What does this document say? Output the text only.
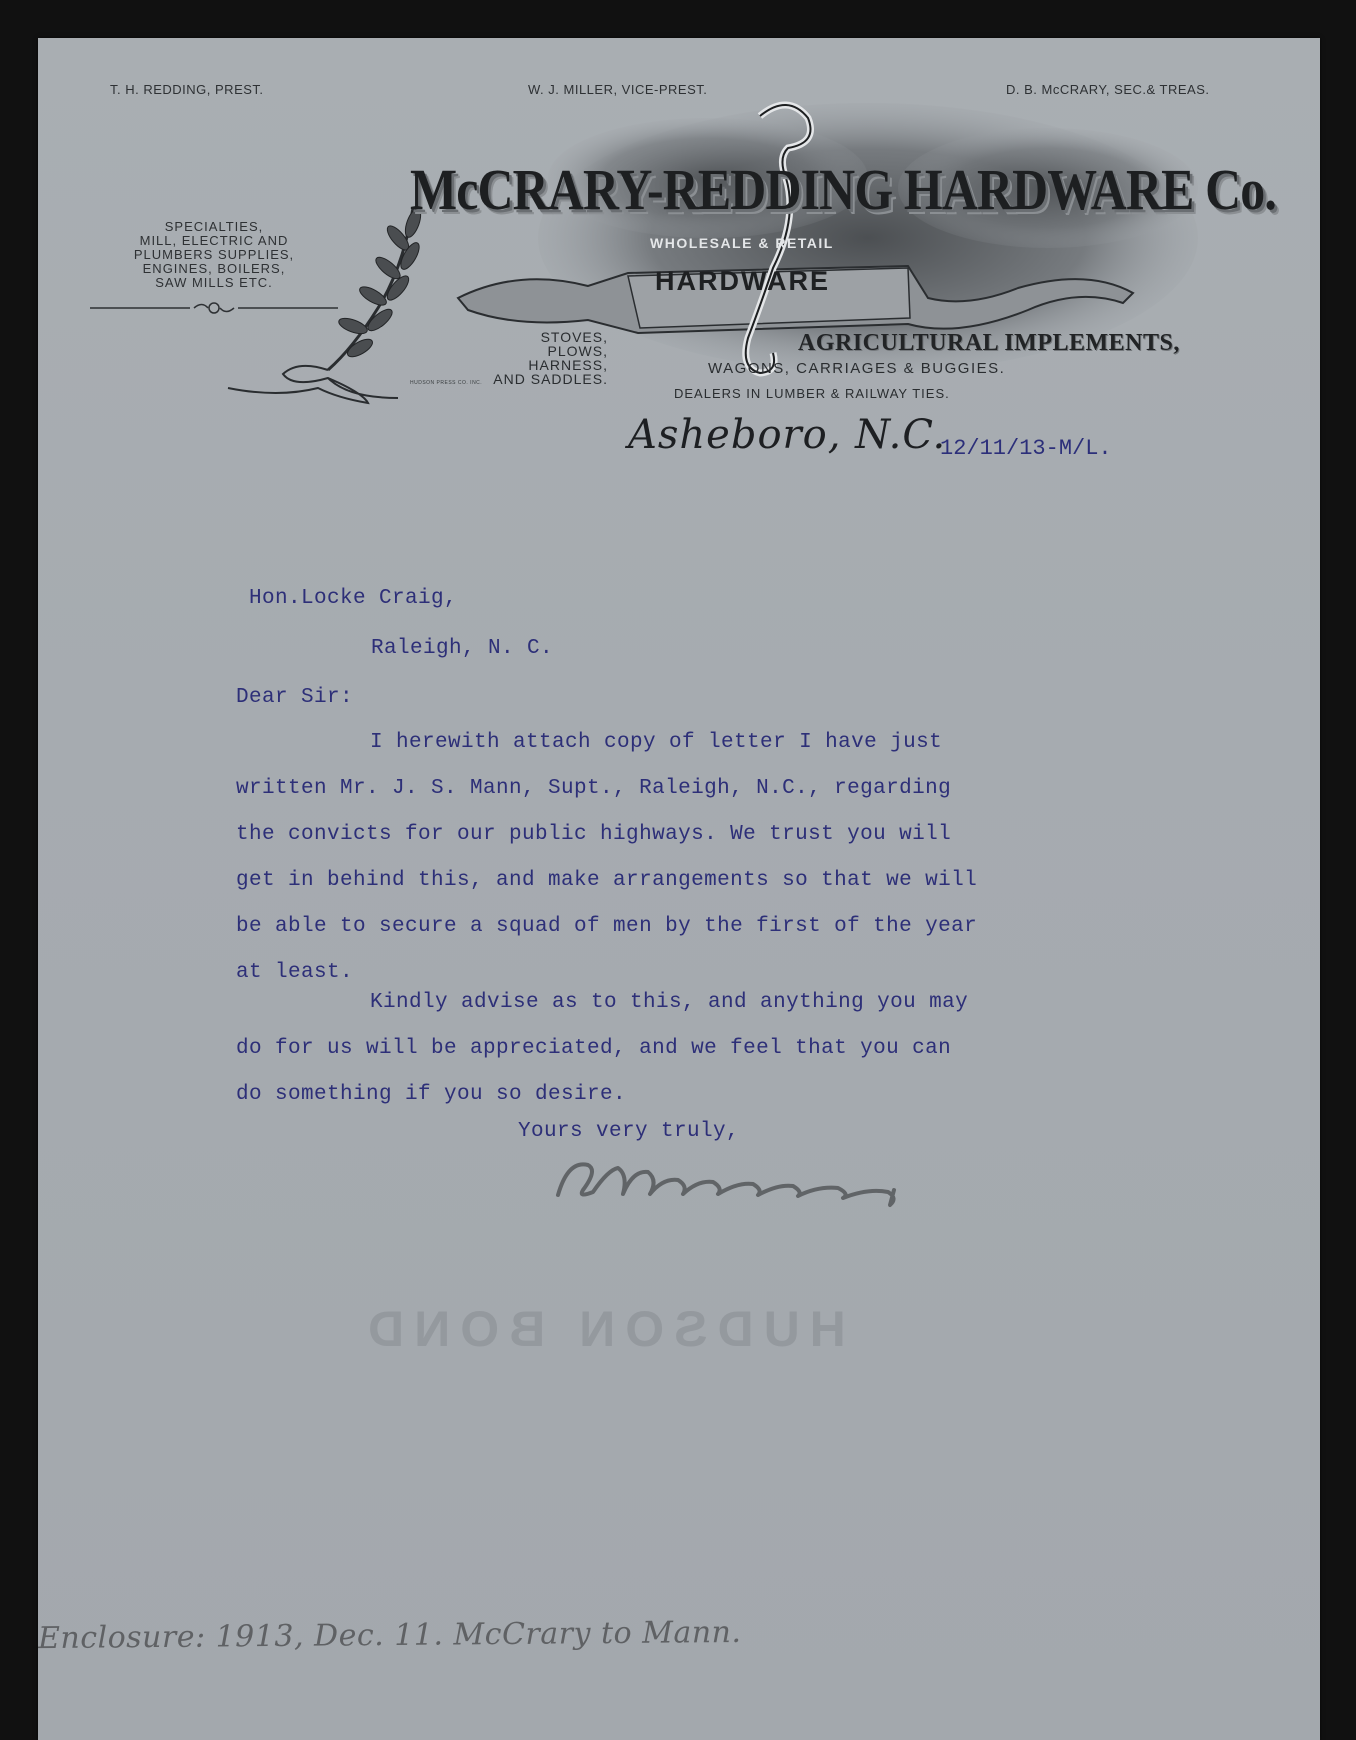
T. H. REDDING, PREST.	W. J. MILLER, VICE-PREST.	D. B. McCRARY, SEC.& TREAS.
SPECIALTIES,
MILL, ELECTRIC AND
PLUMBERS SUPPLIES,
ENGINES, BOILERS,
SAW MILLS ETC.
McCRARY-REDDING HARDWARE Co.
WHOLESALE & RETAIL
HARDWARE
AGRICULTURAL IMPLEMENTS,
STOVES,
PLOWS,
HARNESS,
AND SADDLES.
HUDSON PRESS CO. INC.
WAGONS, CARRIAGES & BUGGIES.
DEALERS IN LUMBER & RAILWAY TIES.
Asheboro, N.C.
12/11/13-M/L.
Hon.Locke Craig,
Raleigh, N. C.
Dear Sir:
I herewith attach copy of letter I have just
written Mr. J. S. Mann, Supt., Raleigh, N.C., regarding
the convicts for our public highways. We trust you will
get in behind this, and make arrangements so that we will
be able to secure a squad of men by the first of the year
at least.
Kindly advise as to this, and anything you may
do for us will be appreciated, and we feel that you can
do something if you so desire.
Yours very truly,
HUDSON BOND
Enclosure: 1913, Dec. 11. McCrary to Mann.
